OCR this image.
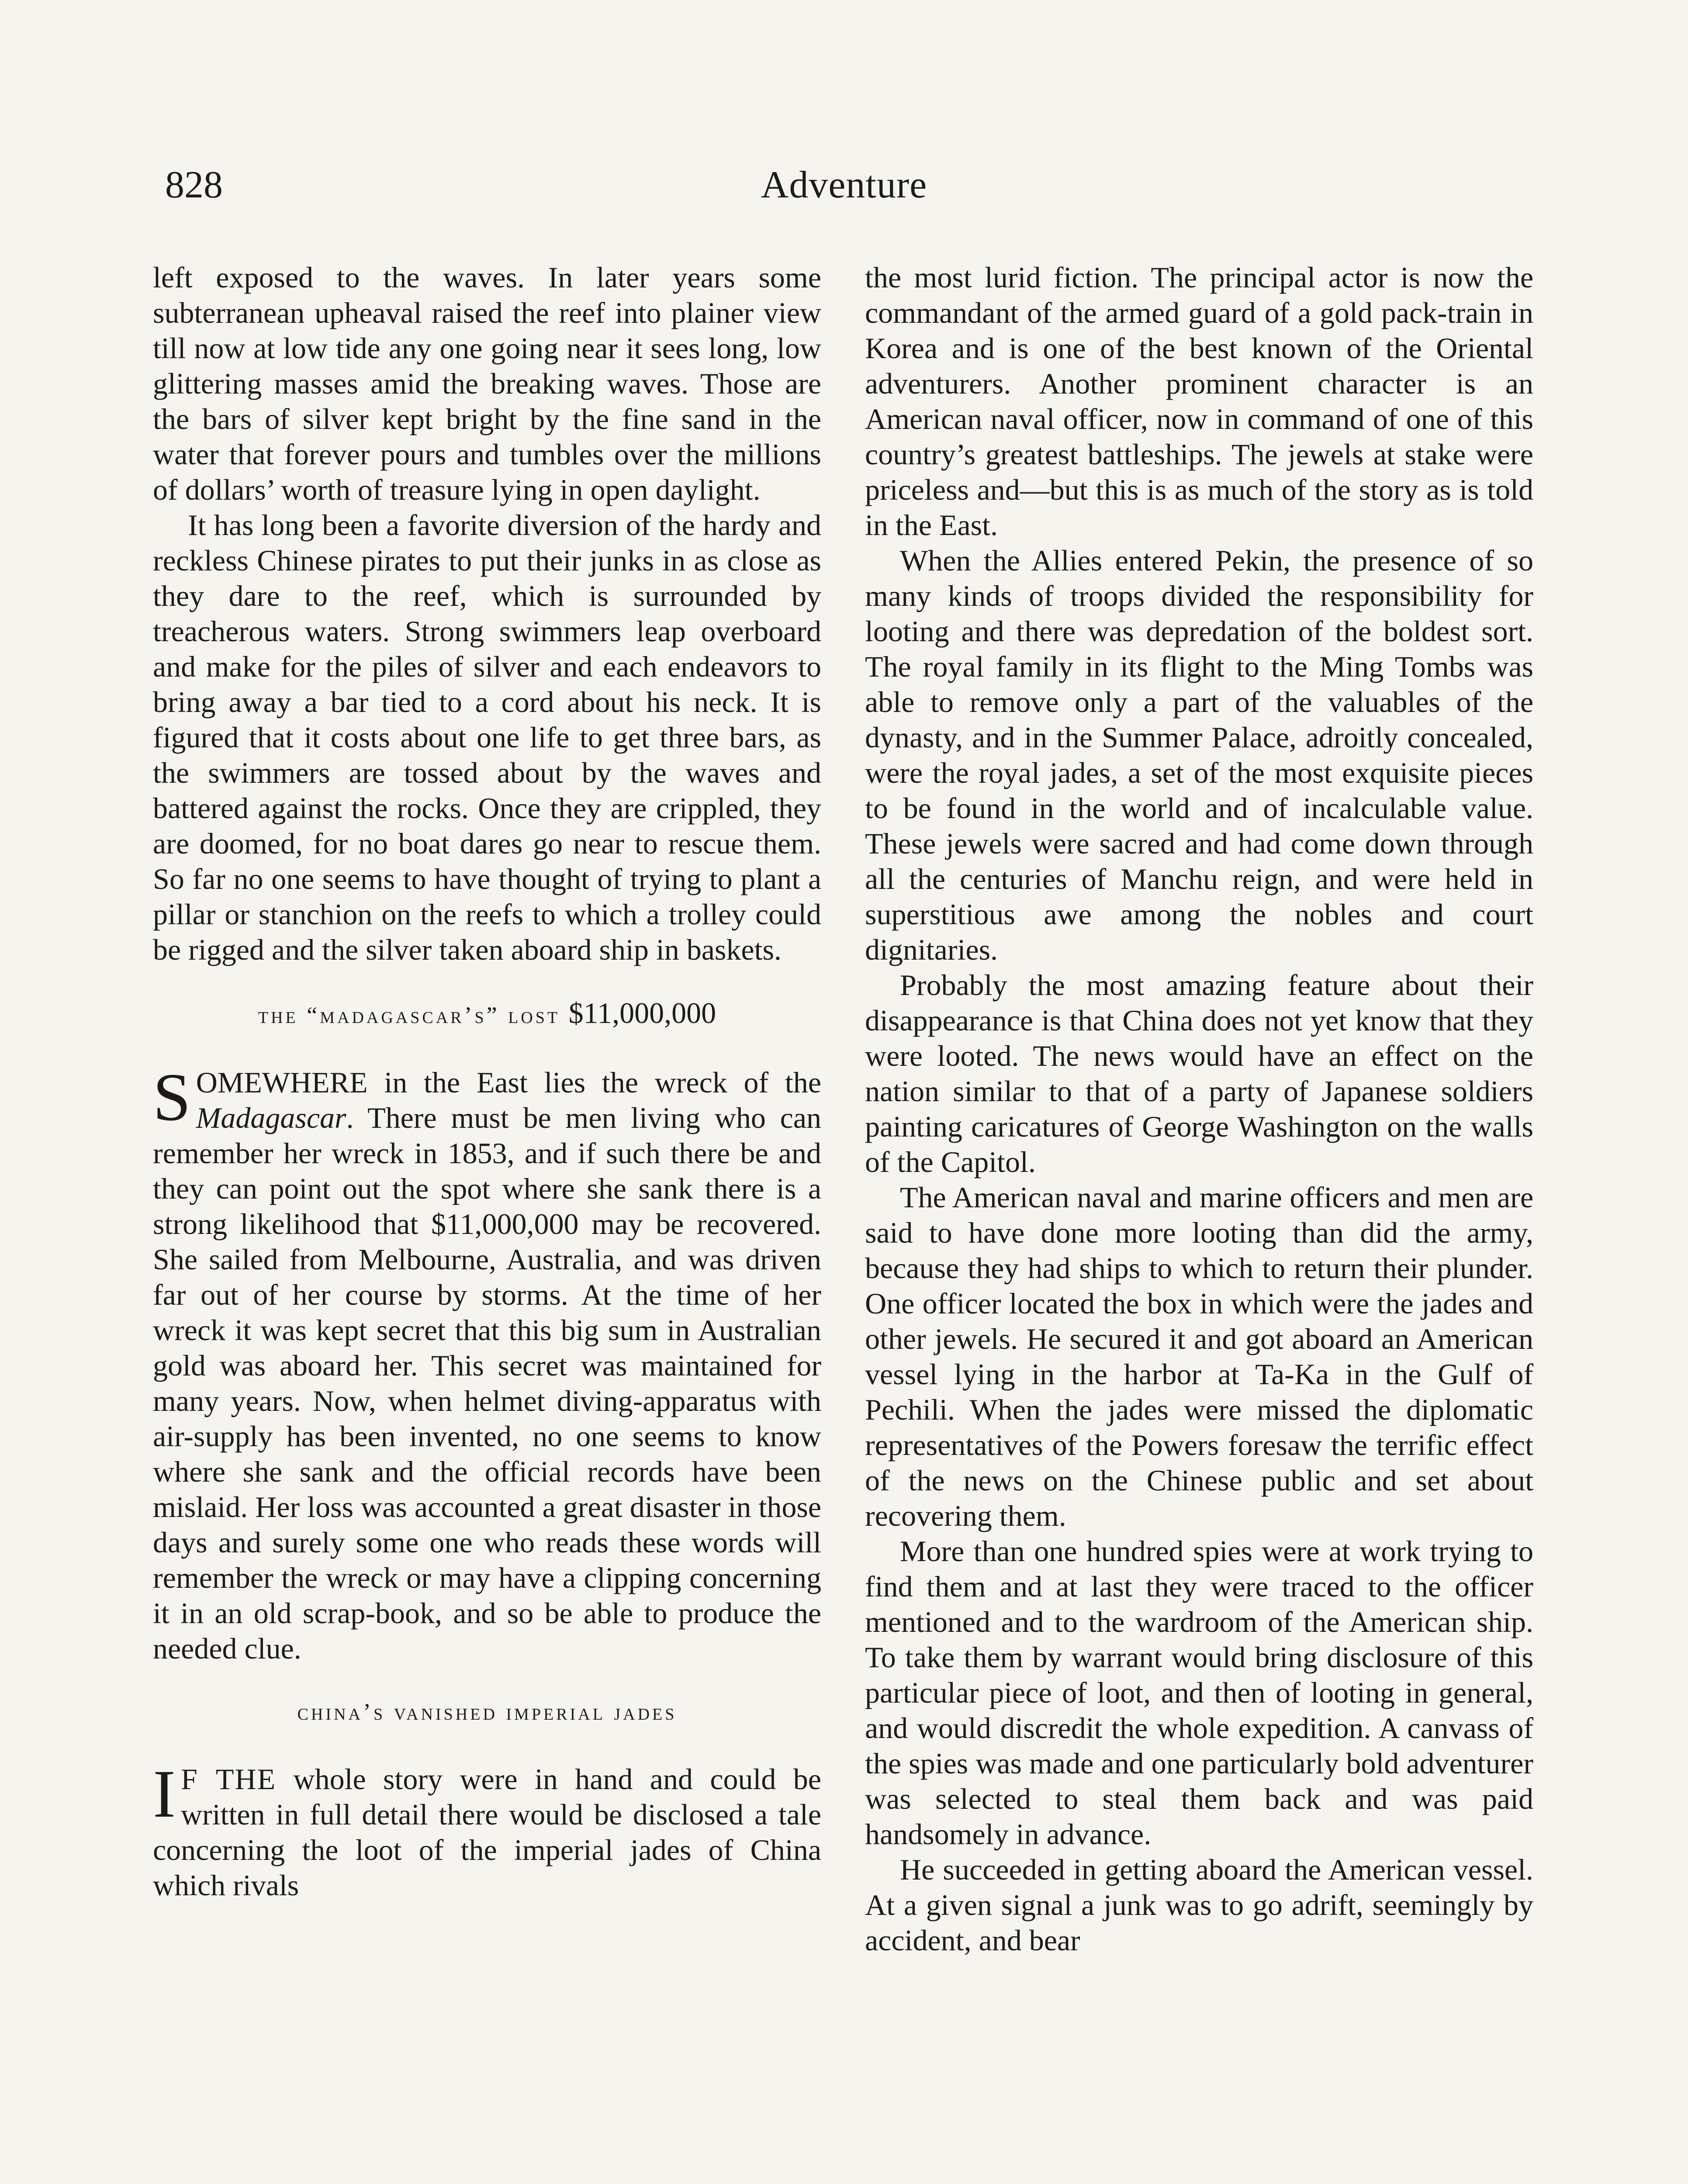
828	Adventure

left exposed to the waves. In later years some subterranean upheaval raised the reef into plainer view till now at low tide any one going near it sees long, low glittering masses amid the breaking waves. Those are the bars of silver kept bright by the fine sand in the water that forever pours and tumbles over the millions of dollars’ worth of treasure lying in open daylight.

It has long been a favorite diversion of the hardy and reckless Chinese pirates to put their junks in as close as they dare to the reef, which is surrounded by treacherous waters. Strong swimmers leap overboard and make for the piles of silver and each endeavors to bring away a bar tied to a cord about his neck. It is figured that it costs about one life to get three bars, as the swimmers are tossed about by the waves and battered against the rocks. Once they are crippled, they are doomed, for no boat dares go near to rescue them. So far no one seems to have thought of trying to plant a pillar or stanchion on the reefs to which a trolley could be rigged and the silver taken aboard ship in baskets.

the “madagascar’s” lost $11,000,000

SOMEWHERE in the East lies the wreck of the Madagascar. There must be men living who can remember her wreck in 1853, and if such there be and they can point out the spot where she sank there is a strong likelihood that $11,000,000 may be recovered. She sailed from Melbourne, Australia, and was driven far out of her course by storms. At the time of her wreck it was kept secret that this big sum in Australian gold was aboard her. This secret was maintained for many years. Now, when helmet diving-apparatus with air-supply has been invented, no one seems to know where she sank and the official records have been mislaid. Her loss was accounted a great disaster in those days and surely some one who reads these words will remember the wreck or may have a clipping concerning it in an old scrap-book, and so be able to produce the needed clue.

china’s vanished imperial jades

I F THE whole story were in hand and could be written in full detail there would be disclosed a tale concerning the loot of the imperial jades of China which rivals

the most lurid fiction. The principal actor is now the commandant of the armed guard of a gold pack-train in Korea and is one of the best known of the Oriental adventurers. Another prominent character is an American naval officer, now in command of one of this country’s greatest battleships. The jewels at stake were priceless and—but this is as much of the story as is told in the East.

When the Allies entered Pekin, the presence of so many kinds of troops divided the responsibility for looting and there was depredation of the boldest sort. The royal family in its flight to the Ming Tombs was able to remove only a part of the valuables of the dynasty, and in the Summer Palace, adroitly concealed, were the royal jades, a set of the most exquisite pieces to be found in the world and of incalculable value. These jewels were sacred and had come down through all the centuries of Manchu reign, and were held in superstitious awe among the nobles and court dignitaries.

Probably the most amazing feature about their disappearance is that China does not yet know that they were looted. The news would have an effect on the nation similar to that of a party of Japanese soldiers painting caricatures of George Washington on the walls of the Capitol.

The American naval and marine officers and men are said to have done more looting than did the army, because they had ships to which to return their plunder. One officer located the box in which were the jades and other jewels. He secured it and got aboard an American vessel lying in the harbor at Ta-Ka in the Gulf of Pechili. When the jades were missed the diplomatic representatives of the Powers foresaw the terrific effect of the news on the Chinese public and set about recovering them.

More than one hundred spies were at work trying to find them and at last they were traced to the officer mentioned and to the wardroom of the American ship. To take them by warrant would bring disclosure of this particular piece of loot, and then of looting in general, and would discredit the whole expedition. A canvass of the spies was made and one particularly bold adventurer was selected to steal them back and was paid handsomely in advance.

He succeeded in getting aboard the American vessel. At a given signal a junk was to go adrift, seemingly by accident, and bear
